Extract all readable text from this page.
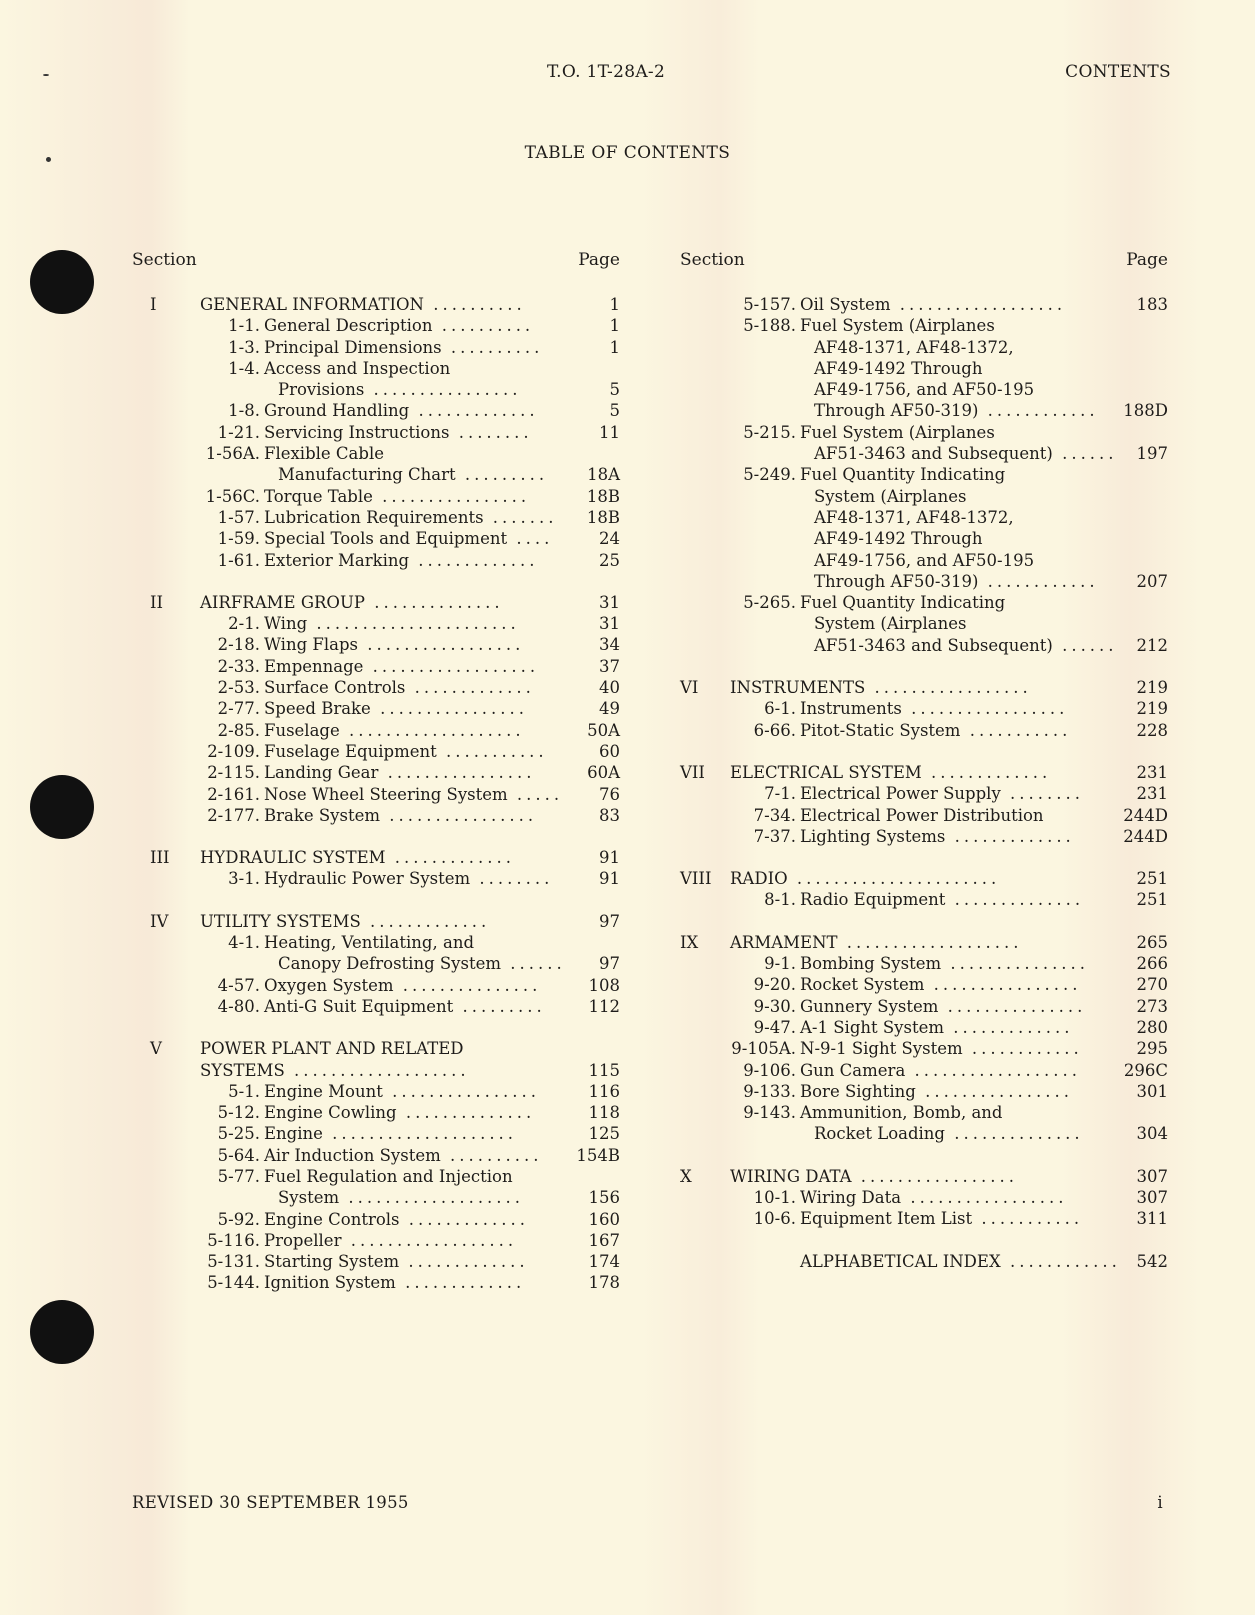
T.O. 1T-28A-2	CONTENTS
TABLE OF CONTENTS
Section	Page
I	GENERAL INFORMATION ..........	1
1-1. General Description ..........	1
1-3. Principal Dimensions ..........	1
1-4. Access and Inspection
Provisions ................	5
1-8. Ground Handling .............	5
1-21. Servicing Instructions ........	11
1-56A. Flexible Cable
Manufacturing Chart ......... 18A
1-56C. Torque Table ................	18B
1-57. Lubrication Requirements ....... 18B
1-59. Special Tools and Equipment ....	24
1-61. Exterior Marking .............	25
II AIRFRAME GROUP ..............	31
2-1. Wing ......................	31
2-18. Wing Flaps .................	34
2-33. Empennage ..................	37
2-53. Surface Controls .............	40
2-77. Speed Brake ................	49
2-85. Fuselage ...................	50A
2-109. Fuselage Equipment ...........	60
2-115. Landing Gear ................	60A
2-161. Nose Wheel Steering System ..... 76
2-177. Brake System ................	83
III HYDRAULIC SYSTEM .............	91
3-1. Hydraulic Power System ........	91
IV UTILITY SYSTEMS .............	97
4-1. Heating, Ventilating, and
Canopy Defrosting System ...... 97
4-57. Oxygen System ...............	108
4-80. Anti-G Suit Equipment .........	112
V POWER PLANT AND RELATED
SYSTEMS ...................	115
5-1. Engine Mount ................	116
5-12. Engine Cowling ..............	118
5-25. Engine ....................	125
5-64. Air Induction System .......... 154B
5-77. Fuel Regulation and Injection
System ...................	156
5-92. Engine Controls .............	160
5-116. Propeller ..................	167
5-131. Starting System .............	174
5-144. Ignition System .............	178
Section	Page
5-157. Oil System ..................	183
5-188. Fuel System (Airplanes
AF48-1371, AF48-1372,
AF49-1492 Through
AF49-1756, and AF50-195
Through AF50-319) ............ 188D
5-215. Fuel System (Airplanes
AF51-3463 and Subsequent) ...... 197
5-249. Fuel Quantity Indicating
System (Airplanes
AF48-1371, AF48-1372,
AF49-1492 Through
AF49-1756, and AF50-195
Through AF50-319) ............ 207
5-265. Fuel Quantity Indicating
System (Airplanes
AF51-3463 and Subsequent) ...... 212
VI INSTRUMENTS .................	219
6-1. Instruments .................	219
6-66. Pitot-Static System ...........	228
VII ELECTRICAL SYSTEM .............	231
7-1. Electrical Power Supply ........	231
7-34. Electrical Power Distribution	244D
7-37. Lighting Systems .............	244D
VIII RADIO ......................	251
8-1. Radio Equipment ..............	251
IX ARMAMENT ...................	265
9-1. Bombing System ...............	266
9-20. Rocket System ................	270
9-30. Gunnery System ...............	273
9-47. A-1 Sight System .............	280
9-105A. N-9-1 Sight System ............	295
9-106. Gun Camera ..................	296C
9-133. Bore Sighting ................	301
9-143. Ammunition, Bomb, and
Rocket Loading ..............	304
X WIRING DATA .................	307
10-1. Wiring Data .................	307
10-6. Equipment Item List ...........	311
ALPHABETICAL INDEX ............ 542
REVISED 30 SEPTEMBER 1955	i
